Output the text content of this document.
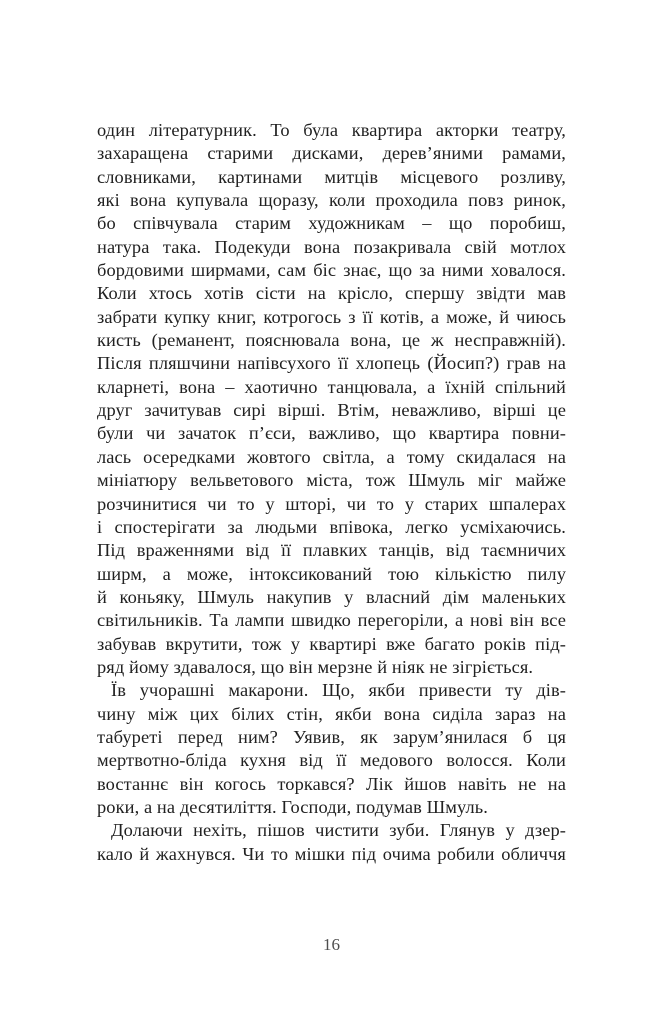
один літературник. То була квартира акторки театру,
захаращена старими дисками, дерев’яними рамами,
словниками, картинами митців місцевого розливу,
які вона купувала щоразу, коли проходила повз ринок,
бо співчувала старим художникам – що поробиш,
натура така. Подекуди вона позакривала свій мотлох
бордовими ширмами, сам біс знає, що за ними ховалося.
Коли хтось хотів сісти на крісло, спершу звідти мав
забрати купку книг, котрогось з її котів, а може, й чиюсь
кисть (реманент, пояснювала вона, це ж несправжній).
Після пляшчини напівсухого її хлопець (Йосип?) грав на
кларнеті, вона – хаотично танцювала, а їхній спільний
друг зачитував сирі вірші. Втім, неважливо, вірші це
були чи зачаток п’єси, важливо, що квартира повни-
лась осередками жовтого світла, а тому скидалася на
мініатюру вельветового міста, тож Шмуль міг майже
розчинитися чи то у шторі, чи то у старих шпалерах
і спостерігати за людьми впівока, легко усміхаючись.
Під враженнями від її плавких танців, від таємничих
ширм, а може, інтоксикований тою кількістю пилу
й коньяку, Шмуль накупив у власний дім маленьких
світильників. Та лампи швидко перегоріли, а нові він все
забував вкрутити, тож у квартирі вже багато років під-
ряд йому здавалося, що він мерзне й ніяк не зігріється.
Їв учорашні макарони. Що, якби привести ту дів-
чину між цих білих стін, якби вона сиділа зараз на
табуреті перед ним? Уявив, як зарум’янилася б ця
мертвотно-бліда кухня від її медового волосся. Коли
востаннє він когось торкався? Лік йшов навіть не на
роки, а на десятиліття. Господи, подумав Шмуль.
Долаючи нехіть, пішов чистити зуби. Глянув у дзер-
кало й жахнувся. Чи то мішки під очима робили обличчя
16
